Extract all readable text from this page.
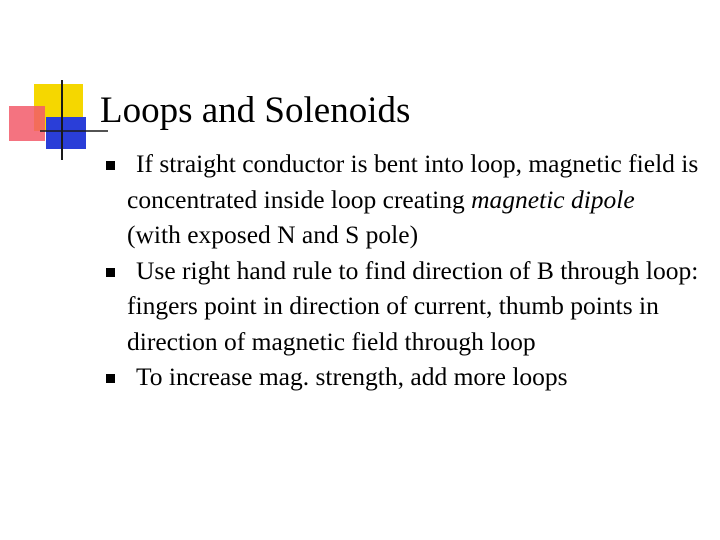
Loops and Solenoids
If straight conductor is bent into loop, magnetic field is concentrated inside loop creating magnetic dipole   (with exposed N and S pole)
Use right hand rule to find direction of B through loop: fingers point in direction of current, thumb points in direction of magnetic field through loop
To increase mag. strength, add more loops
